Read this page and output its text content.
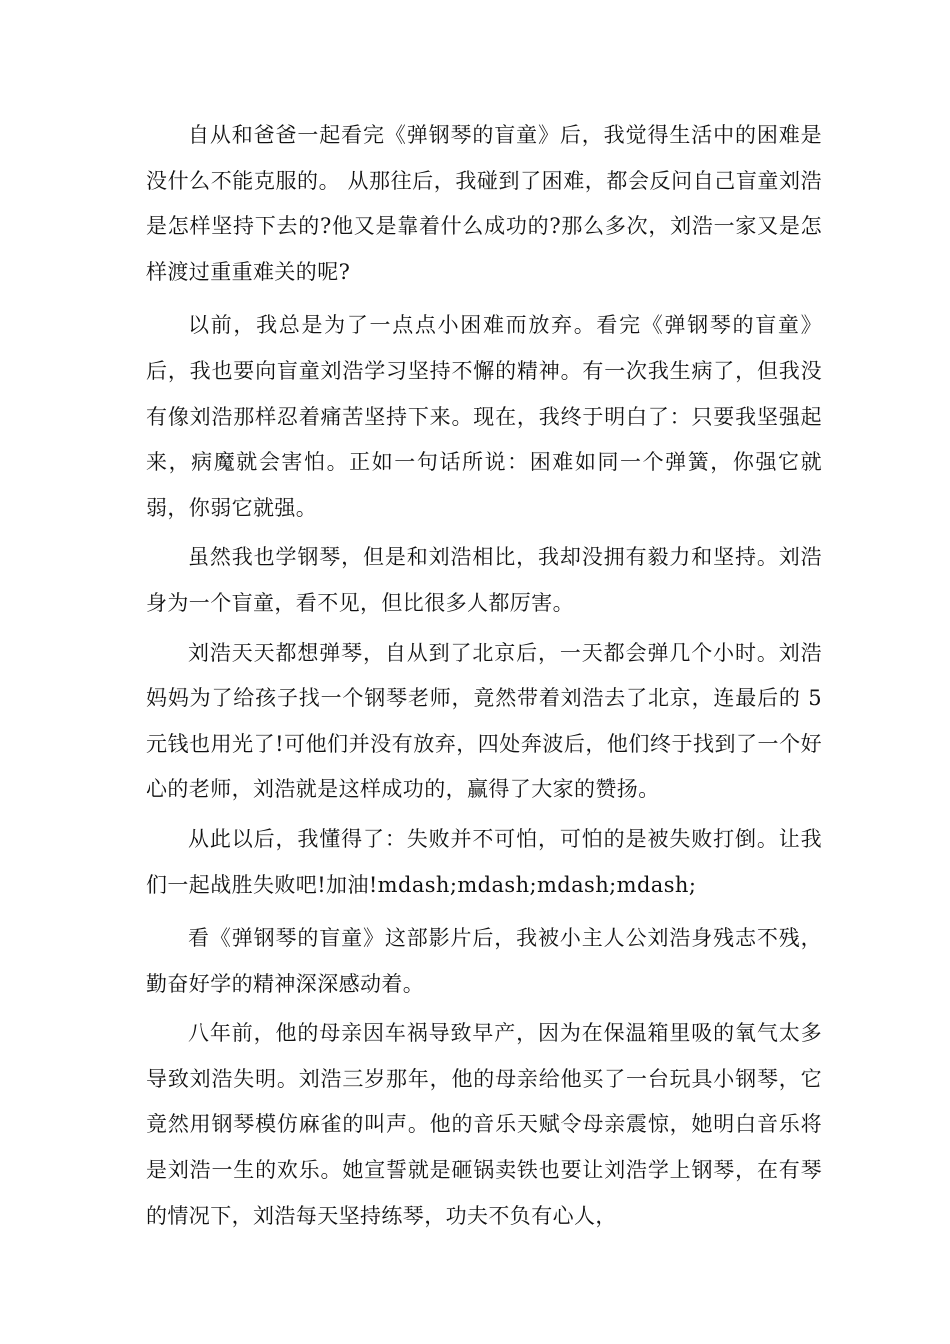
自从和爸爸一起看完《弹钢琴的盲童》后，我觉得生活中的困难是没什么不能克服的。 从那往后，我碰到了困难，都会反问自己盲童刘浩是怎样坚持下去的?他又是靠着什么成功的?那么多次，刘浩一家又是怎样渡过重重难关的呢?

以前，我总是为了一点点小困难而放弃。看完《弹钢琴的盲童》后，我也要向盲童刘浩学习坚持不懈的精神。有一次我生病了，但我没有像刘浩那样忍着痛苦坚持下来。现在，我终于明白了：只要我坚强起来，病魔就会害怕。正如一句话所说：困难如同一个弹簧，你强它就弱，你弱它就强。

虽然我也学钢琴，但是和刘浩相比，我却没拥有毅力和坚持。刘浩身为一个盲童，看不见，但比很多人都厉害。

刘浩天天都想弹琴，自从到了北京后，一天都会弹几个小时。刘浩妈妈为了给孩子找一个钢琴老师，竟然带着刘浩去了北京，连最后的 5 元钱也用光了!可他们并没有放弃，四处奔波后，他们终于找到了一个好心的老师，刘浩就是这样成功的，赢得了大家的赞扬。

从此以后，我懂得了：失败并不可怕，可怕的是被失败打倒。让我们一起战胜失败吧!加油!mdash;mdash;mdash;mdash;

看《弹钢琴的盲童》这部影片后，我被小主人公刘浩身残志不残，勤奋好学的精神深深感动着。

八年前，他的母亲因车祸导致早产，因为在保温箱里吸的氧气太多导致刘浩失明。刘浩三岁那年，他的母亲给他买了一台玩具小钢琴，它竟然用钢琴模仿麻雀的叫声。他的音乐天赋令母亲震惊，她明白音乐将是刘浩一生的欢乐。她宣誓就是砸锅卖铁也要让刘浩学上钢琴，在有琴的情况下，刘浩每天坚持练琴，功夫不负有心人，
